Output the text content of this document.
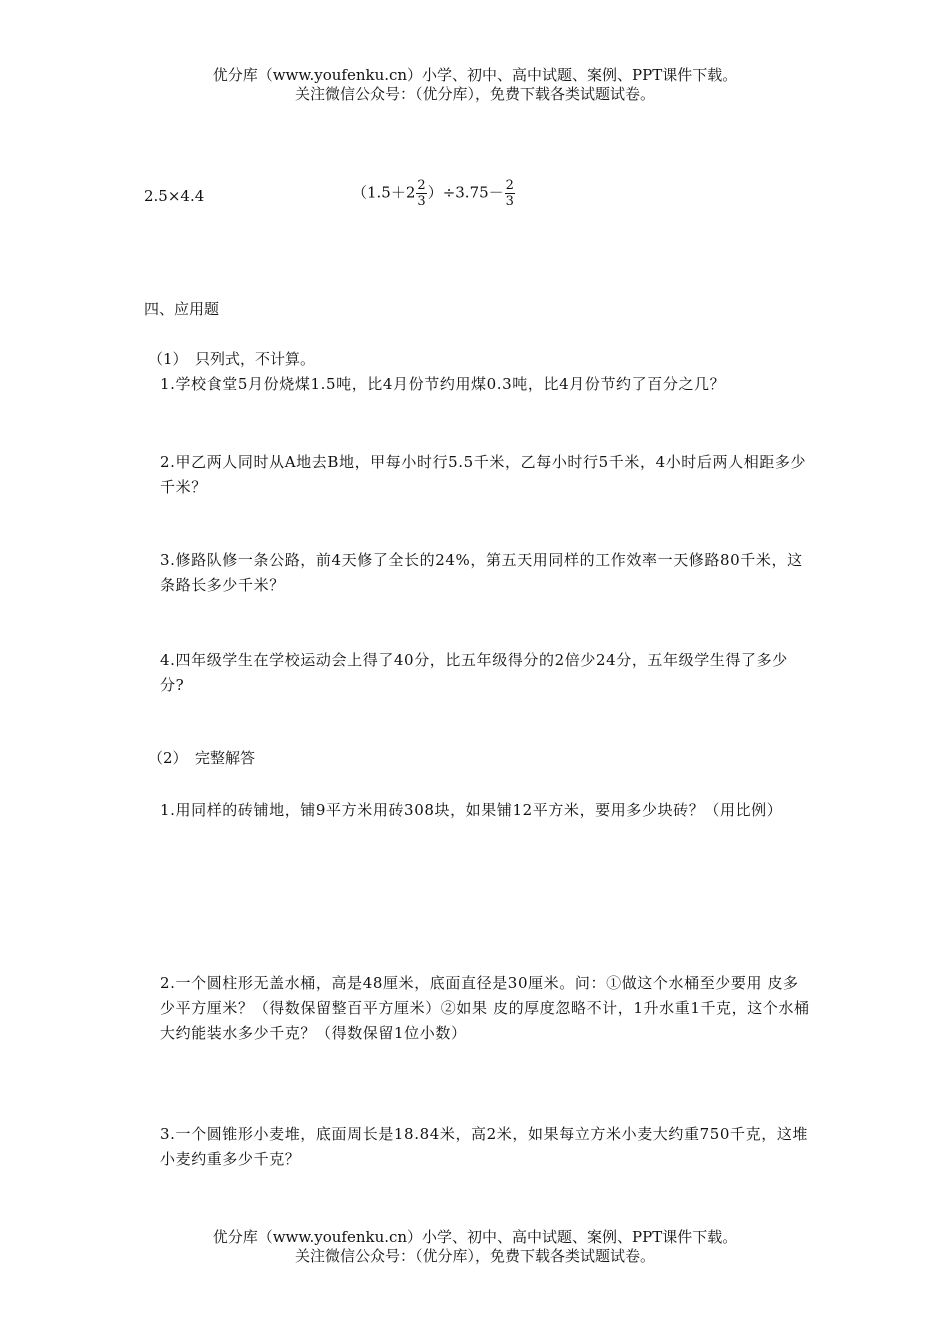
优分库（www.youfenku.cn）小学、初中、高中试题、案例、PPT课件下载。
关注微信公众号：（优分库），免费下载各类试题试卷。
2.5×4.4	$(1.5+2 \frac{2}{3} )\div 3.75- \frac{2}{3}$
四、应用题
（1）　只列式，不计算。
1.学校食堂5月份烧煤1.5吨，比4月份节约用煤0.3吨，比4月份节约了百分之几？
2.甲乙两人同时从A地去B地，甲每小时行5.5千米，乙每小时行5千米，4小时后两人相距多少千米？
3.修路队修一条公路，前4天修了全长的24%，第五天用同样的工作效率一天修路80千米，这条路长多少千米？
4.四年级学生在学校运动会上得了40分，比五年级得分的2倍少24分，五年级学生得了多少分?
（2）　完整解答
1.用同样的砖铺地，铺9平方米用砖308块，如果铺12平方米，要用多少块砖？（用比例）
2.一个圆柱形无盖水桶，高是48厘米，底面直径是30厘米。问：①做这个水桶至少要用 皮多少平方厘米？（得数保留整百平方厘米）②如果 皮的厚度忽略不计，1升水重1千克，这个水桶大约能装水多少千克？（得数保留1位小数）
3.一个圆锥形小麦堆，底面周长是18.84米，高2米，如果每立方米小麦大约重750千克，这堆小麦约重多少千克？
优分库（www.youfenku.cn）小学、初中、高中试题、案例、PPT课件下载。
关注微信公众号：（优分库），免费下载各类试题试卷。
